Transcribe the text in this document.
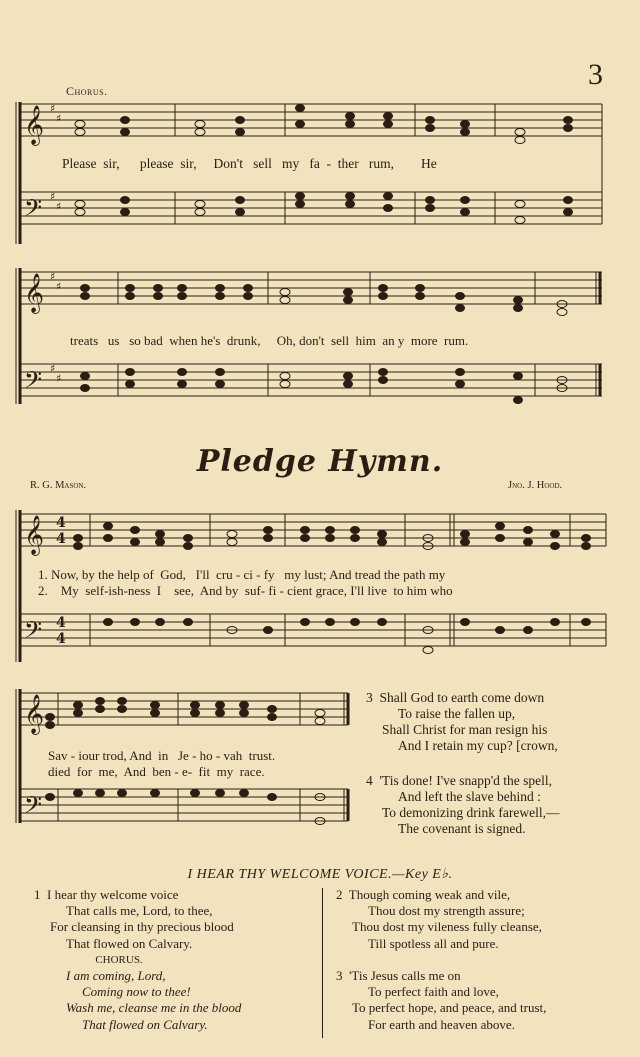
3
Chorus.
𝄞
𝄢
♯
♯
♯
♯
Please  sir,      please  sir,     Don't   sell   my   fa  -  ther   rum,        He
𝄞
𝄢
♯
♯
♯
♯
treats   us   so bad  when he's  drunk,     Oh, don't  sell  him  an y  more  rum.
Pledge Hymn.
R. G. Mason.	Jno. J. Hood.
𝄞
𝄢
4
4
4
4
1. Now, by the help of  God,   I'll  cru - ci - fy   my lust; And tread the path my
2.    My  self-ish-ness  I    see,  And by  suf- fi - cient grace, I'll live  to him who
𝄞
𝄢
Sav - iour trod, And  in   Je - ho - vah  trust.
died  for  me,  And  ben - e-  fit  my  race.
3  Shall God to earth come down
To raise the fallen up,
Shall Christ for man resign his
And I retain my cup? [crown,
4  'Tis done! I've snapp'd the spell,
And left the slave behind :
To demonizing drink farewell,—
The covenant is signed.
I HEAR THY WELCOME VOICE.—Key E♭.
1  I hear thy welcome voice
That calls me, Lord, to thee,
For cleansing in thy precious blood
That flowed on Calvary.
CHORUS.
I am coming, Lord,
Coming now to thee!
Wash me, cleanse me in the blood
That flowed on Calvary.
2  Though coming weak and vile,
Thou dost my strength assure;
Thou dost my vileness fully cleanse,
Till spotless all and pure.

3  'Tis Jesus calls me on
To perfect faith and love,
To perfect hope, and peace, and trust,
For earth and heaven above.
